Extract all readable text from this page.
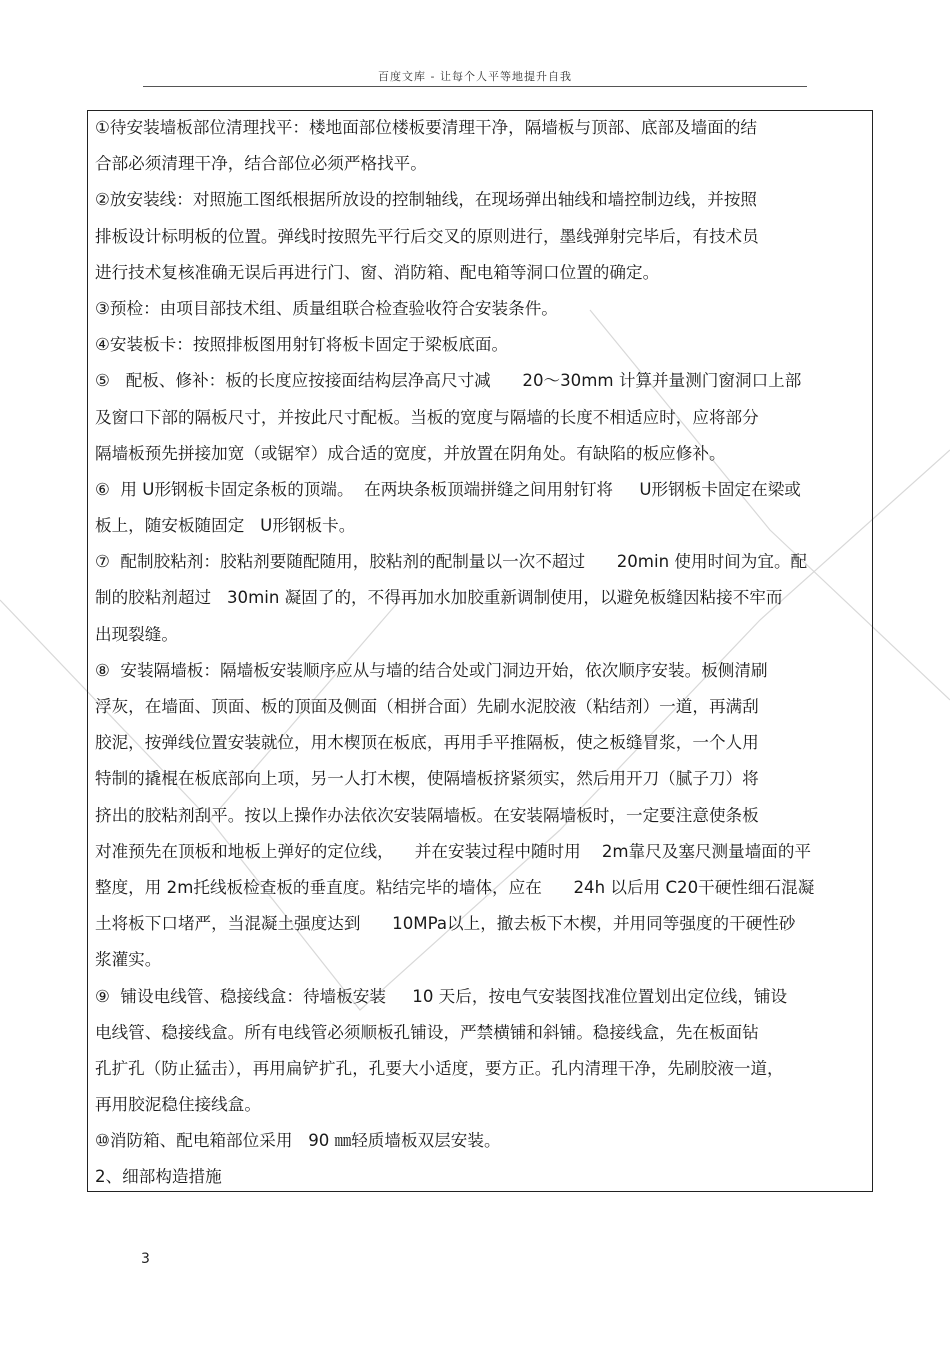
百度文库 - 让每个人平等地提升自我
①待安装墙板部位清理找平：楼地面部位楼板要清理干净，隔墙板与顶部、底部及墙面的结
合部必须清理干净，结合部位必须严格找平。
②放安装线：对照施工图纸根据所放设的控制轴线，在现场弹出轴线和墙控制边线，并按照
排板设计标明板的位置。弹线时按照先平行后交叉的原则进行，墨线弹射完毕后，有技术员
进行技术复核准确无误后再进行门、窗、消防箱、配电箱等洞口位置的确定。
③预检：由项目部技术组、质量组联合检查验收符合安装条件。
④安装板卡：按照排板图用射钉将板卡固定于梁板底面。
⑤   配板、修补：板的长度应按接面结构层净高尺寸减      20～30mm 计算并量测门窗洞口上部
及窗口下部的隔板尺寸，并按此尺寸配板。当板的宽度与隔墙的长度不相适应时，应将部分
隔墙板预先拼接加宽（或锯窄）成合适的宽度，并放置在阴角处。有缺陷的板应修补。
⑥  用 U形钢板卡固定条板的顶端。  在两块条板顶端拼缝之间用射钉将     U形钢板卡固定在梁或
板上，随安板随固定   U形钢板卡。
⑦  配制胶粘剂：胶粘剂要随配随用，胶粘剂的配制量以一次不超过      20min 使用时间为宜。配
制的胶粘剂超过   30min 凝固了的，不得再加水加胶重新调制使用，以避免板缝因粘接不牢而
出现裂缝。
⑧  安装隔墙板：隔墙板安装顺序应从与墙的结合处或门洞边开始，依次顺序安装。板侧清刷
浮灰，在墙面、顶面、板的顶面及侧面（相拼合面）先刷水泥胶液（粘结剂）一道，再满刮
胶泥，按弹线位置安装就位，用木楔顶在板底，再用手平推隔板，使之板缝冒浆，一个人用
特制的撬棍在板底部向上项，另一人打木楔，使隔墙板挤紧须实，然后用开刀（腻子刀）将
挤出的胶粘剂刮平。按以上操作办法依次安装隔墙板。在安装隔墙板时，一定要注意使条板
对准预先在顶板和地板上弹好的定位线，    并在安装过程中随时用    2m靠尺及塞尺测量墙面的平
整度，用 2m托线板检查板的垂直度。粘结完毕的墙体，应在      24h 以后用 C20干硬性细石混凝
土将板下口堵严，当混凝土强度达到      10MPa以上，撤去板下木楔，并用同等强度的干硬性砂
浆灌实。
⑨  铺设电线管、稳接线盒：待墙板安装     10 天后，按电气安装图找准位置划出定位线，铺设
电线管、稳接线盒。所有电线管必须顺板孔铺设，严禁横铺和斜铺。稳接线盒，先在板面钻
孔扩孔（防止猛击），再用扁铲扩孔，孔要大小适度，要方正。孔内清理干净，先刷胶液一道，
再用胶泥稳住接线盒。
⑩消防箱、配电箱部位采用   90 ㎜轻质墙板双层安装。
2、细部构造措施
3
